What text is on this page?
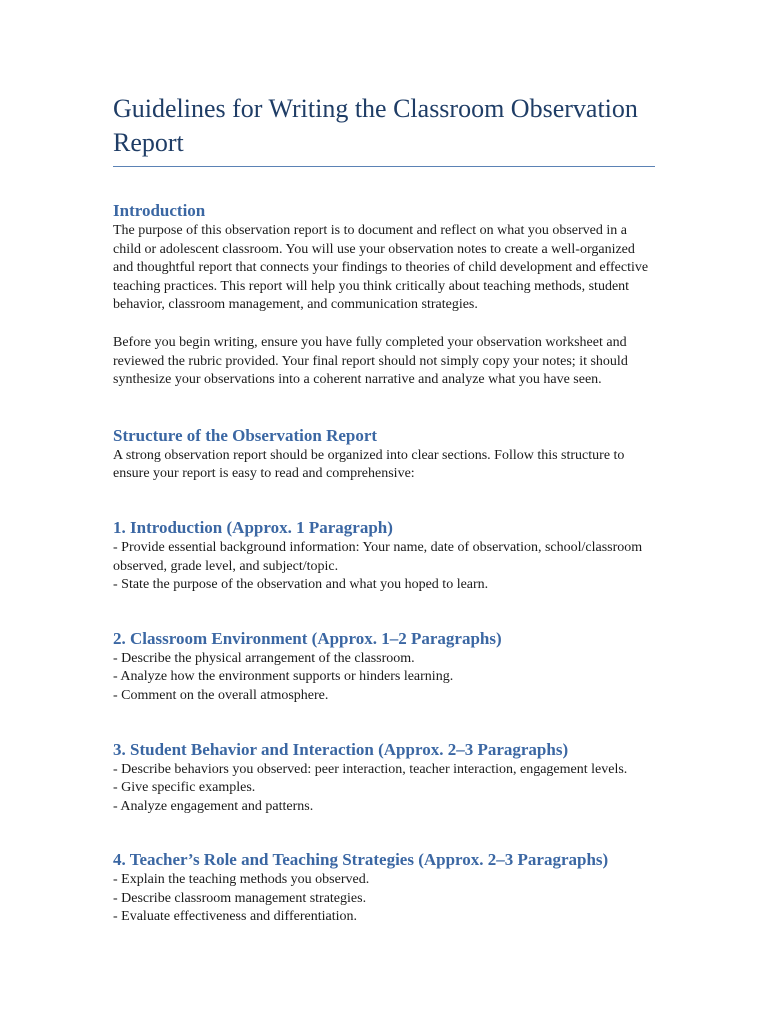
Guidelines for Writing the Classroom Observation Report
Introduction

The purpose of this observation report is to document and reflect on what you observed in a child or adolescent classroom. You will use your observation notes to create a well-organized and thoughtful report that connects your findings to theories of child development and effective teaching practices. This report will help you think critically about teaching methods, student behavior, classroom management, and communication strategies.

Before you begin writing, ensure you have fully completed your observation worksheet and reviewed the rubric provided. Your final report should not simply copy your notes; it should synthesize your observations into a coherent narrative and analyze what you have seen.

Structure of the Observation Report

A strong observation report should be organized into clear sections. Follow this structure to ensure your report is easy to read and comprehensive:

1. Introduction (Approx. 1 Paragraph)

- Provide essential background information: Your name, date of observation, school/classroom observed, grade level, and subject/topic.

- State the purpose of the observation and what you hoped to learn.

2. Classroom Environment (Approx. 1–2 Paragraphs)

- Describe the physical arrangement of the classroom.

- Analyze how the environment supports or hinders learning.

- Comment on the overall atmosphere.

3. Student Behavior and Interaction (Approx. 2–3 Paragraphs)

- Describe behaviors you observed: peer interaction, teacher interaction, engagement levels.

- Give specific examples.

- Analyze engagement and patterns.

4. Teacher’s Role and Teaching Strategies (Approx. 2–3 Paragraphs)

- Explain the teaching methods you observed.

- Describe classroom management strategies.

- Evaluate effectiveness and differentiation.
